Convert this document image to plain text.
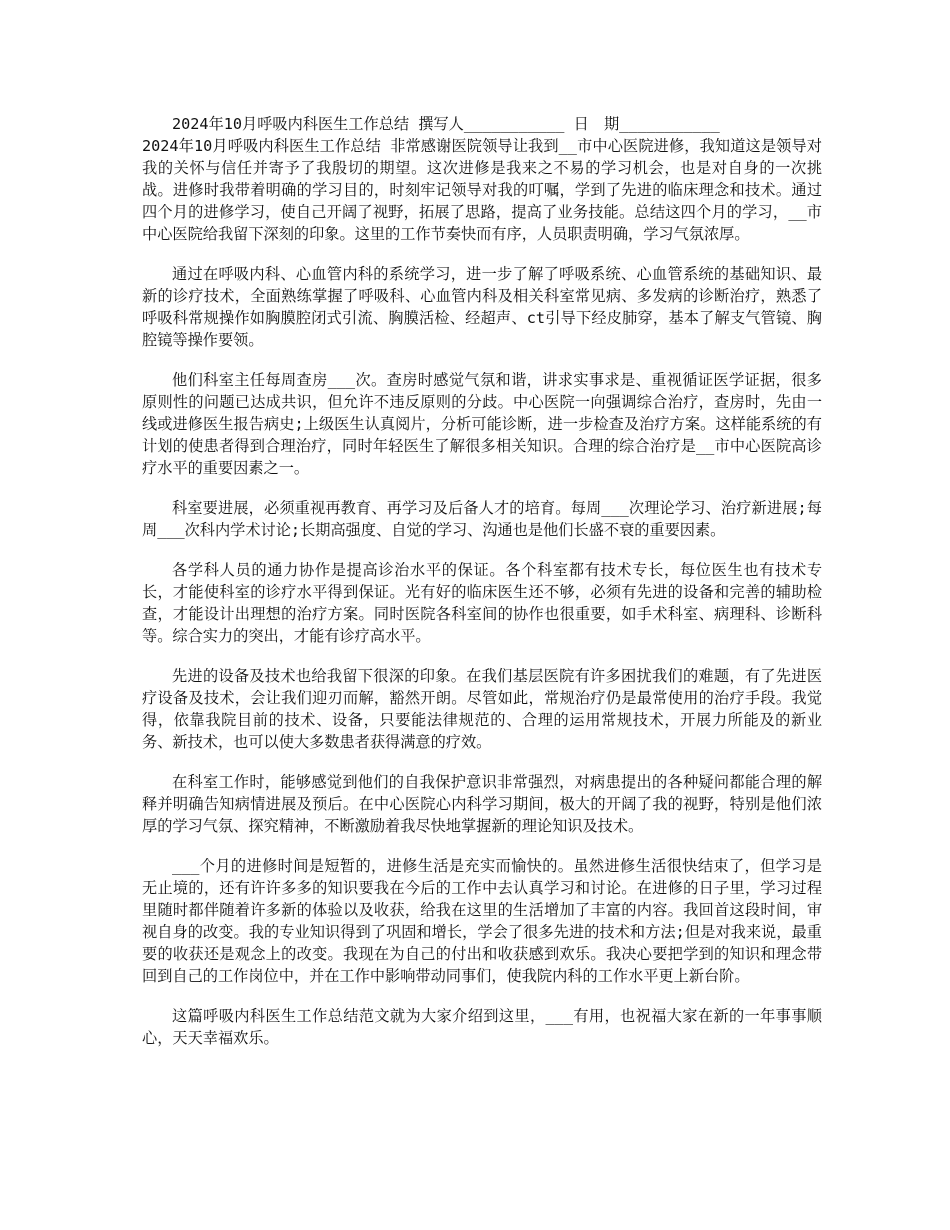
2024年10月呼吸内科医生工作总结 撰写人___________ 日　期___________

2024年10月呼吸内科医生工作总结 非常感谢医院领导让我到__市中心医院进修，我知道这是领导对我的关怀与信任并寄予了我殷切的期望。这次进修是我来之不易的学习机会，也是对自身的一次挑战。进修时我带着明确的学习目的，时刻牢记领导对我的叮嘱，学到了先进的临床理念和技术。通过四个月的进修学习，使自己开阔了视野，拓展了思路，提高了业务技能。总结这四个月的学习，__市中心医院给我留下深刻的印象。这里的工作节奏快而有序，人员职责明确，学习气氛浓厚。

通过在呼吸内科、心血管内科的系统学习，进一步了解了呼吸系统、心血管系统的基础知识、最新的诊疗技术，全面熟练掌握了呼吸科、心血管内科及相关科室常见病、多发病的诊断治疗，熟悉了呼吸科常规操作如胸膜腔闭式引流、胸膜活检、经超声、ct引导下经皮肺穿，基本了解支气管镜、胸腔镜等操作要领。

他们科室主任每周查房___次。查房时感觉气氛和谐，讲求实事求是、重视循证医学证据，很多原则性的问题已达成共识，但允许不违反原则的分歧。中心医院一向强调综合治疗，查房时，先由一线或进修医生报告病史;上级医生认真阅片，分析可能诊断，进一步检查及治疗方案。这样能系统的有计划的使患者得到合理治疗，同时年轻医生了解很多相关知识。合理的综合治疗是__市中心医院高诊疗水平的重要因素之一。

科室要进展，必须重视再教育、再学习及后备人才的培育。每周___次理论学习、治疗新进展;每周___次科内学术讨论;长期高强度、自觉的学习、沟通也是他们长盛不衰的重要因素。

各学科人员的通力协作是提高诊治水平的保证。各个科室都有技术专长，每位医生也有技术专长，才能使科室的诊疗水平得到保证。光有好的临床医生还不够，必须有先进的设备和完善的辅助检查，才能设计出理想的治疗方案。同时医院各科室间的协作也很重要，如手术科室、病理科、诊断科等。综合实力的突出，才能有诊疗高水平。

先进的设备及技术也给我留下很深的印象。在我们基层医院有许多困扰我们的难题，有了先进医疗设备及技术，会让我们迎刃而解，豁然开朗。尽管如此，常规治疗仍是最常使用的治疗手段。我觉得，依靠我院目前的技术、设备，只要能法律规范的、合理的运用常规技术，开展力所能及的新业务、新技术，也可以使大多数患者获得满意的疗效。

在科室工作时，能够感觉到他们的自我保护意识非常强烈，对病患提出的各种疑问都能合理的解释并明确告知病情进展及预后。在中心医院心内科学习期间，极大的开阔了我的视野，特别是他们浓厚的学习气氛、探究精神，不断激励着我尽快地掌握新的理论知识及技术。

___个月的进修时间是短暂的，进修生活是充实而愉快的。虽然进修生活很快结束了，但学习是无止境的，还有许许多多的知识要我在今后的工作中去认真学习和讨论。在进修的日子里，学习过程里随时都伴随着许多新的体验以及收获，给我在这里的生活增加了丰富的内容。我回首这段时间，审视自身的改变。我的专业知识得到了巩固和增长，学会了很多先进的技术和方法;但是对我来说，最重要的收获还是观念上的改变。我现在为自己的付出和收获感到欢乐。我决心要把学到的知识和理念带回到自己的工作岗位中，并在工作中影响带动同事们，使我院内科的工作水平更上新台阶。

这篇呼吸内科医生工作总结范文就为大家介绍到这里，___有用，也祝福大家在新的一年事事顺心，天天幸福欢乐。
